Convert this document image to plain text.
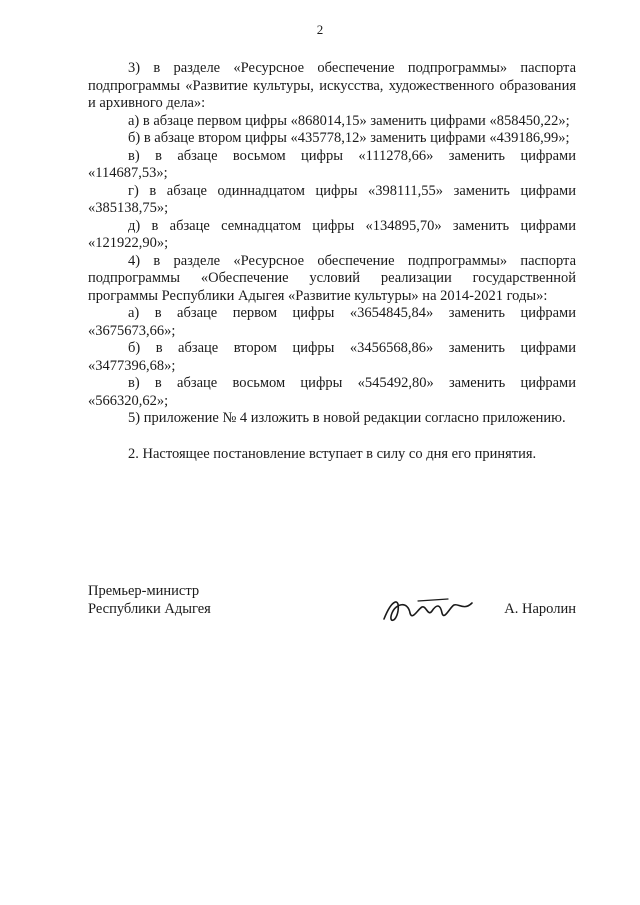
2

3) в разделе «Ресурсное обеспечение подпрограммы» паспорта подпрограммы «Развитие культуры, искусства, художественного образования и архивного дела»:

а) в абзаце первом цифры «868014,15» заменить цифрами «858450,22»;

б) в абзаце втором цифры «435778,12» заменить цифрами «439186,99»;

в) в абзаце восьмом цифры «111278,66» заменить цифрами «114687,53»;

г) в абзаце одиннадцатом цифры «398111,55» заменить цифрами «385138,75»;

д) в абзаце семнадцатом цифры «134895,70» заменить цифрами «121922,90»;

4) в разделе «Ресурсное обеспечение подпрограммы» паспорта подпрограммы «Обеспечение условий реализации государственной программы Республики Адыгея «Развитие культуры» на 2014-2021 годы»:

а) в абзаце первом цифры «3654845,84» заменить цифрами «3675673,66»;

б) в абзаце втором цифры «3456568,86» заменить цифрами «3477396,68»;

в) в абзаце восьмом цифры «545492,80» заменить цифрами «566320,62»;

5) приложение № 4 изложить в новой редакции согласно приложению.

2. Настоящее постановление вступает в силу со дня его принятия.

Премьер-министр
Республики Адыгея	А. Наролин
